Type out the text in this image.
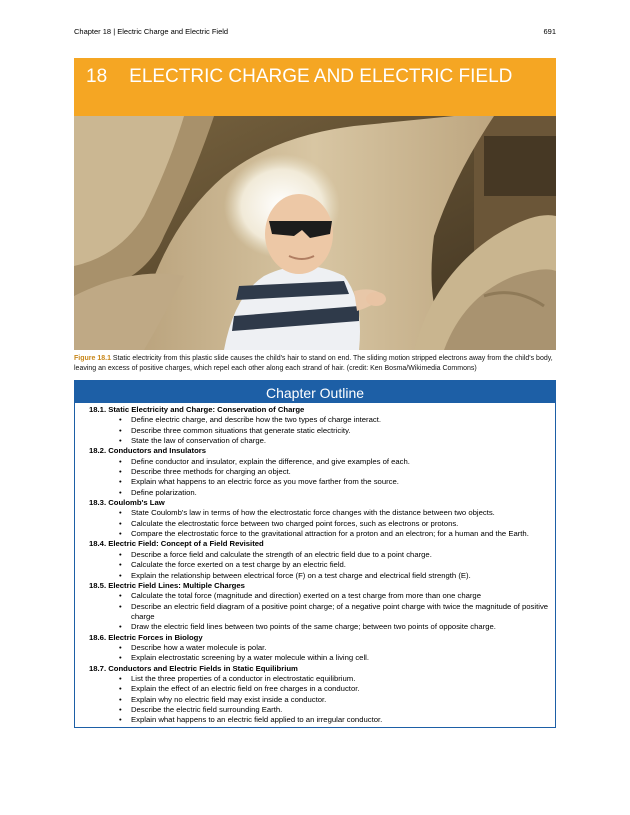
Chapter 18 | Electric Charge and Electric Field	691
18 ELECTRIC CHARGE AND ELECTRIC FIELD
Figure 18.1 Static electricity from this plastic slide causes the child's hair to stand on end. The sliding motion stripped electrons away from the child's body, leaving an excess of positive charges, which repel each other along each strand of hair. (credit: Ken Bosma/Wikimedia Commons)
Chapter Outline
18.1. Static Electricity and Charge: Conservation of Charge
• Define electric charge, and describe how the two types of charge interact.
• Describe three common situations that generate static electricity.
• State the law of conservation of charge.
18.2. Conductors and Insulators
• Define conductor and insulator, explain the difference, and give examples of each.
• Describe three methods for charging an object.
• Explain what happens to an electric force as you move farther from the source.
• Define polarization.
18.3. Coulomb's Law
• State Coulomb's law in terms of how the electrostatic force changes with the distance between two objects.
• Calculate the electrostatic force between two charged point forces, such as electrons or protons.
• Compare the electrostatic force to the gravitational attraction for a proton and an electron; for a human and the Earth.
18.4. Electric Field: Concept of a Field Revisited
• Describe a force field and calculate the strength of an electric field due to a point charge.
• Calculate the force exerted on a test charge by an electric field.
• Explain the relationship between electrical force (F) on a test charge and electrical field strength (E).
18.5. Electric Field Lines: Multiple Charges
• Calculate the total force (magnitude and direction) exerted on a test charge from more than one charge
• Describe an electric field diagram of a positive point charge; of a negative point charge with twice the magnitude of positive charge
• Draw the electric field lines between two points of the same charge; between two points of opposite charge.
18.6. Electric Forces in Biology
• Describe how a water molecule is polar.
• Explain electrostatic screening by a water molecule within a living cell.
18.7. Conductors and Electric Fields in Static Equilibrium
• List the three properties of a conductor in electrostatic equilibrium.
• Explain the effect of an electric field on free charges in a conductor.
• Explain why no electric field may exist inside a conductor.
• Describe the electric field surrounding Earth.
• Explain what happens to an electric field applied to an irregular conductor.
